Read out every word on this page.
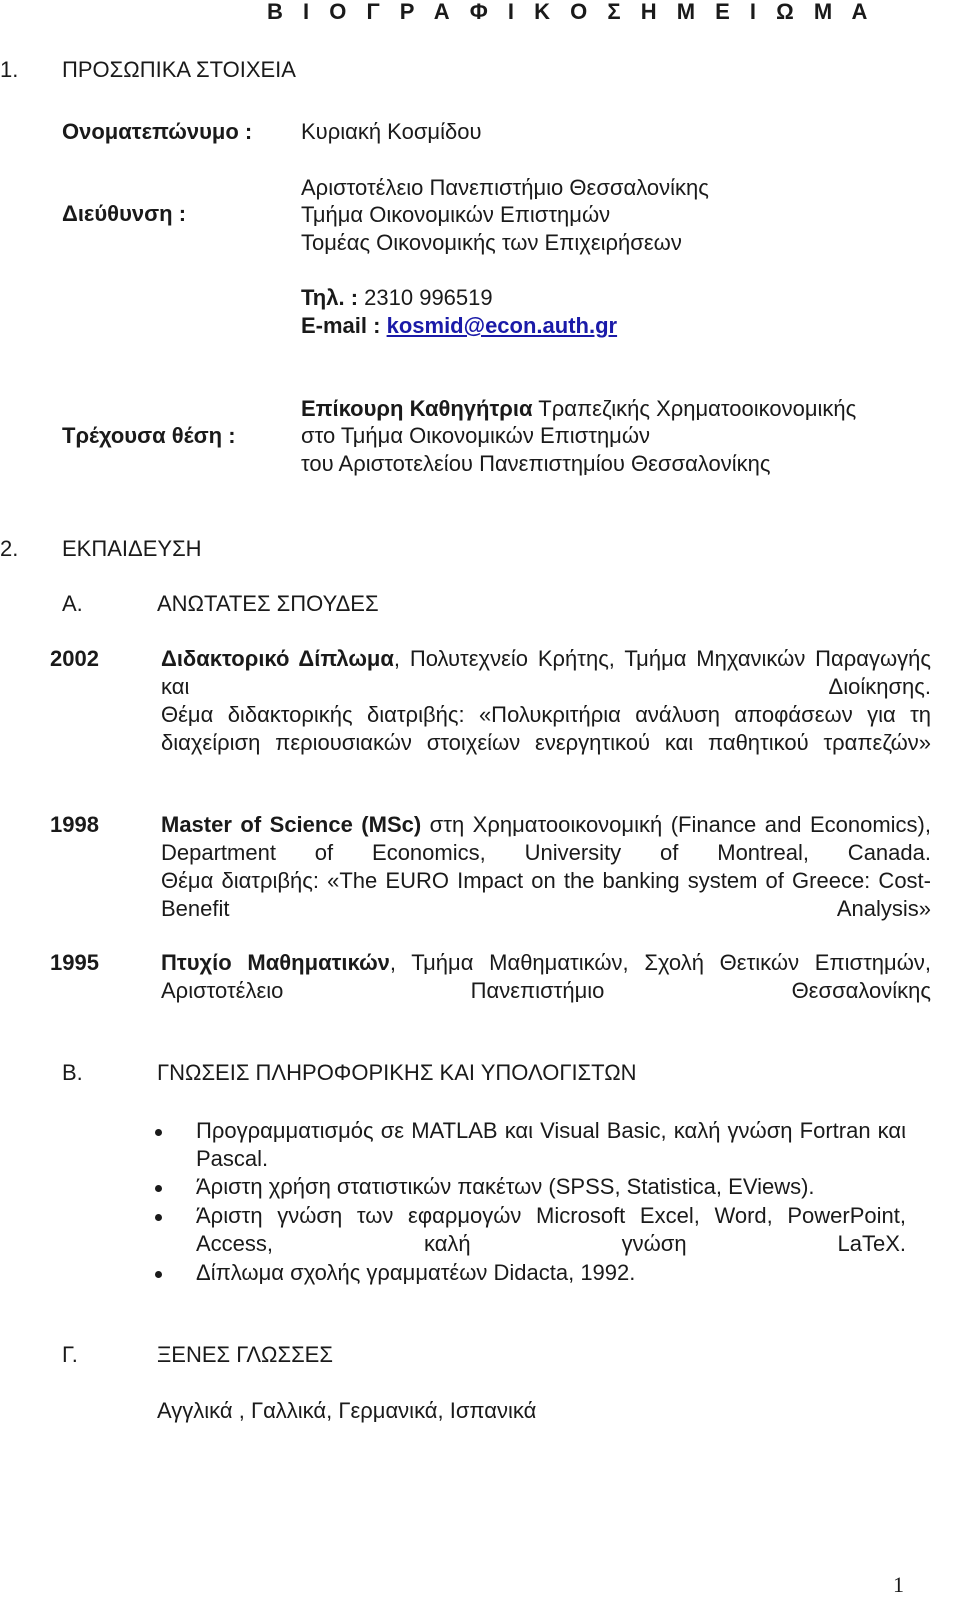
Β Ι Ο Γ Ρ Α Φ Ι Κ Ο Σ Η Μ Ε Ι Ω Μ Α
1. ΠΡΟΣΩΠΙΚΑ ΣΤΟΙΧΕΙΑ
Ονοματεπώνυμο : Κυριακή Κοσμίδου
Διεύθυνση :
Αριστοτέλειο Πανεπιστήμιο Θεσσαλονίκης
Τμήμα Οικονομικών Επιστημών
Τομέας Οικονομικής των Επιχειρήσεων
Τηλ. : 2310 996519
E-mail : kosmid@econ.auth.gr
Τρέχουσα θέση :
Επίκουρη Καθηγήτρια Τραπεζικής Χρηματοοικονομικής
στο Τμήμα Οικονομικών Επιστημών
του Αριστοτελείου Πανεπιστημίου Θεσσαλονίκης
2. ΕΚΠΑΙΔΕΥΣΗ
Α.	ΑΝΩΤΑΤΕΣ ΣΠΟΥΔΕΣ
2002	Διδακτορικό Δίπλωμα, Πολυτεχνείο Κρήτης, Τμήμα Μηχανικών Παραγωγής και Διοίκησης.
Θέμα διδακτορικής διατριβής: «Πολυκριτήρια ανάλυση αποφάσεων για τη διαχείριση περιουσιακών στοιχείων ενεργητικού και παθητικού τραπεζών»
1998	Master of Science (MSc) στη Χρηματοοικονομική (Finance and Economics), Department of Economics, University of Montreal, Canada.
Θέμα διατριβής: «The EURO Impact on the banking system of Greece: Cost-Benefit Analysis»
1995	Πτυχίο Μαθηματικών, Τμήμα Μαθηματικών, Σχολή Θετικών Επιστημών, Αριστοτέλειο Πανεπιστήμιο Θεσσαλονίκης
Β.	ΓΝΩΣΕΙΣ ΠΛΗΡΟΦΟΡΙΚΗΣ ΚΑΙ ΥΠΟΛΟΓΙΣΤΩΝ
Προγραμματισμός σε MATLAB και Visual Basic, καλή γνώση Fortran και Pascal.
Άριστη χρήση στατιστικών πακέτων (SPSS, Statistica, EViews).
Άριστη γνώση των εφαρμογών Microsoft Excel, Word, PowerPoint, Access, καλή γνώση LaTeX.
Δίπλωμα σχολής γραμματέων Didacta, 1992.
Γ.	ΞΕΝΕΣ ΓΛΩΣΣΕΣ
Αγγλικά , Γαλλικά, Γερμανικά, Ισπανικά
1
